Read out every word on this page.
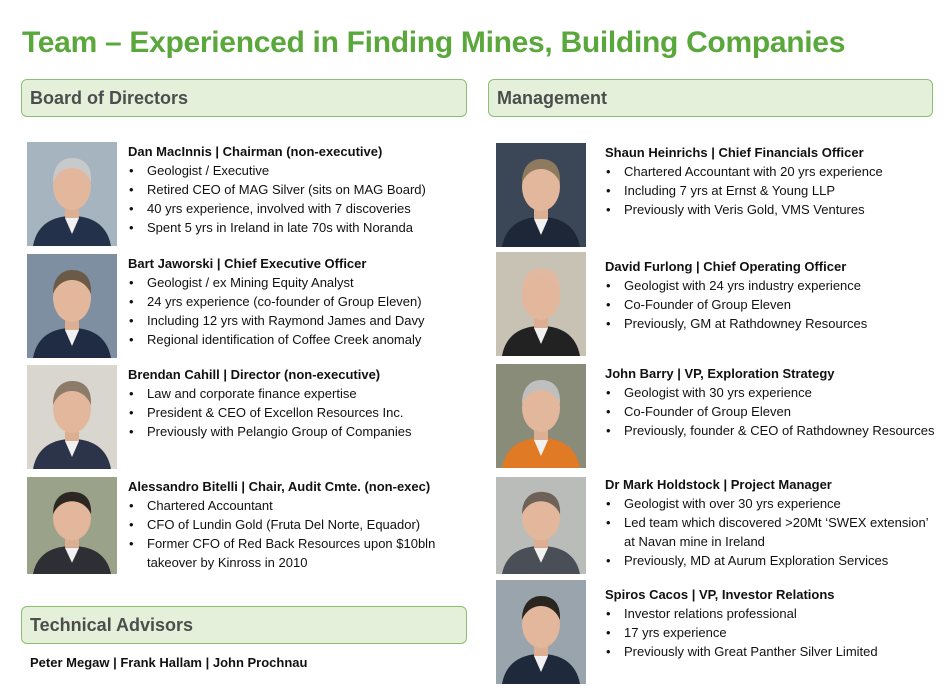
Team – Experienced in Finding Mines, Building Companies
Board of Directors	Management
Technical Advisors
Dan MacInnis | Chairman (non-executive)
• Geologist / Executive
• Retired CEO of MAG Silver (sits on MAG Board)
• 40 yrs experience, involved with 7 discoveries
• Spent 5 yrs in Ireland in late 70s with Noranda
Bart Jaworski | Chief Executive Officer
• Geologist / ex Mining Equity Analyst
• 24 yrs experience (co-founder of Group Eleven)
• Including 12 yrs with Raymond James and Davy
• Regional identification of Coffee Creek anomaly
Brendan Cahill | Director (non-executive)
• Law and corporate finance expertise
• President & CEO of Excellon Resources Inc.
• Previously with Pelangio Group of Companies
Alessandro Bitelli | Chair, Audit Cmte. (non-exec)
• Chartered Accountant
• CFO of Lundin Gold (Fruta Del Norte, Equador)
• Former CFO of Red Back Resources upon $10bln takeover by Kinross in 2010
Shaun Heinrichs | Chief Financials Officer
• Chartered Accountant with 20 yrs experience
• Including 7 yrs at Ernst & Young LLP
• Previously with Veris Gold, VMS Ventures
David Furlong | Chief Operating Officer
• Geologist with 24 yrs industry experience
• Co-Founder of Group Eleven
• Previously, GM at Rathdowney Resources
John Barry | VP, Exploration Strategy
• Geologist with 30 yrs experience
• Co-Founder of Group Eleven
• Previously, founder & CEO of Rathdowney Resources
Dr Mark Holdstock | Project Manager
• Geologist with over 30 yrs experience
• Led team which discovered >20Mt ‘SWEX extension’ at Navan mine in Ireland
• Previously, MD at Aurum Exploration Services
Spiros Cacos | VP, Investor Relations
• Investor relations professional
• 17 yrs experience
• Previously with Great Panther Silver Limited
Peter Megaw | Frank Hallam | John Prochnau
